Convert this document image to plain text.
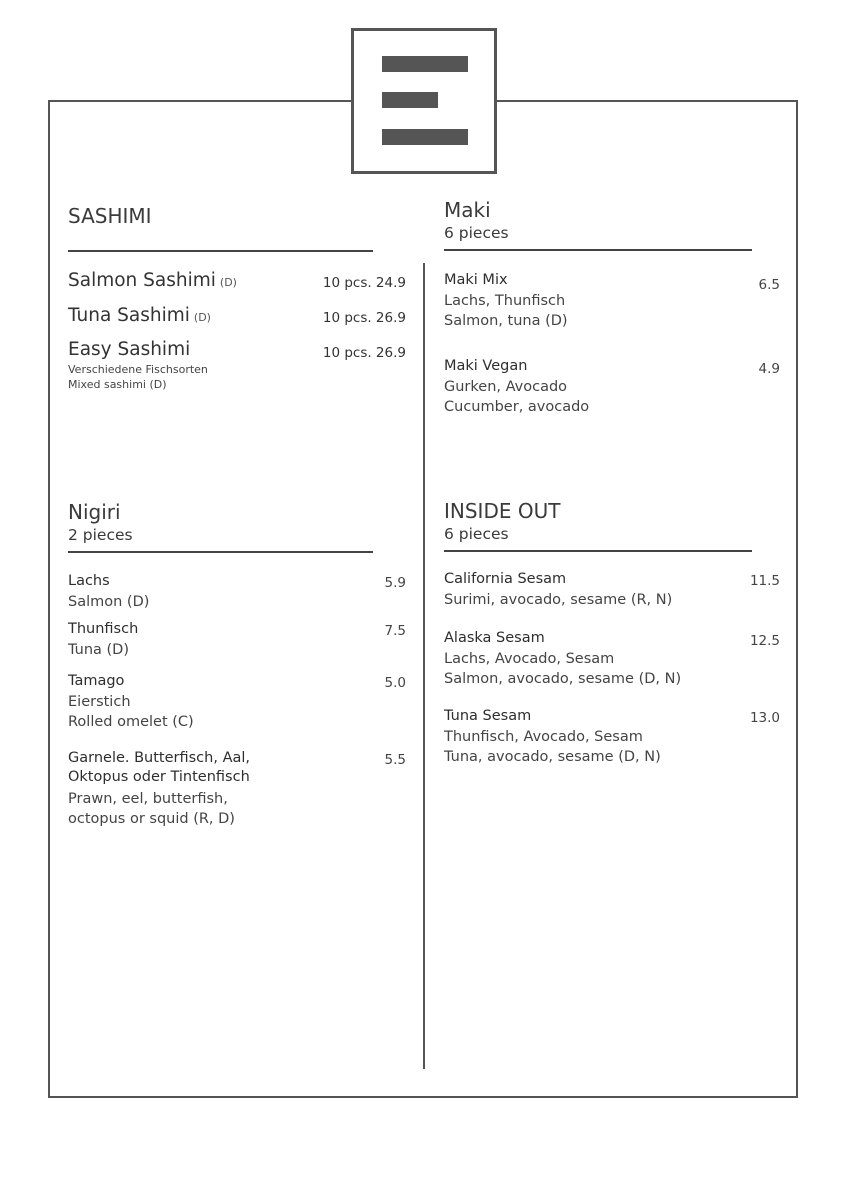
SASHIMI
Salmon Sashimi (D)	10 pcs. 24.9
Tuna Sashimi (D)	10 pcs. 26.9
Easy Sashimi	10 pcs. 26.9
Verschiedene Fischsorten
Mixed sashimi (D)
Maki
6 pieces
Maki Mix	6.5
Lachs, Thunfisch
Salmon, tuna (D)
Maki Vegan	4.9
Gurken, Avocado
Cucumber, avocado
Nigiri
2 pieces
Lachs	5.9
Salmon (D)
Thunfisch	7.5
Tuna (D)
Tamago	5.0
Eierstich
Rolled omelet (C)
Garnele. Butterfisch, Aal,
Oktopus oder Tintenfisch
5.5
Prawn, eel, butterfish,
octopus or squid (R, D)
INSIDE OUT
6 pieces
California Sesam	11.5
Surimi, avocado, sesame (R, N)
Alaska Sesam	12.5
Lachs, Avocado, Sesam
Salmon, avocado, sesame (D, N)
Tuna Sesam	13.0
Thunfisch, Avocado, Sesam
Tuna, avocado, sesame (D, N)
